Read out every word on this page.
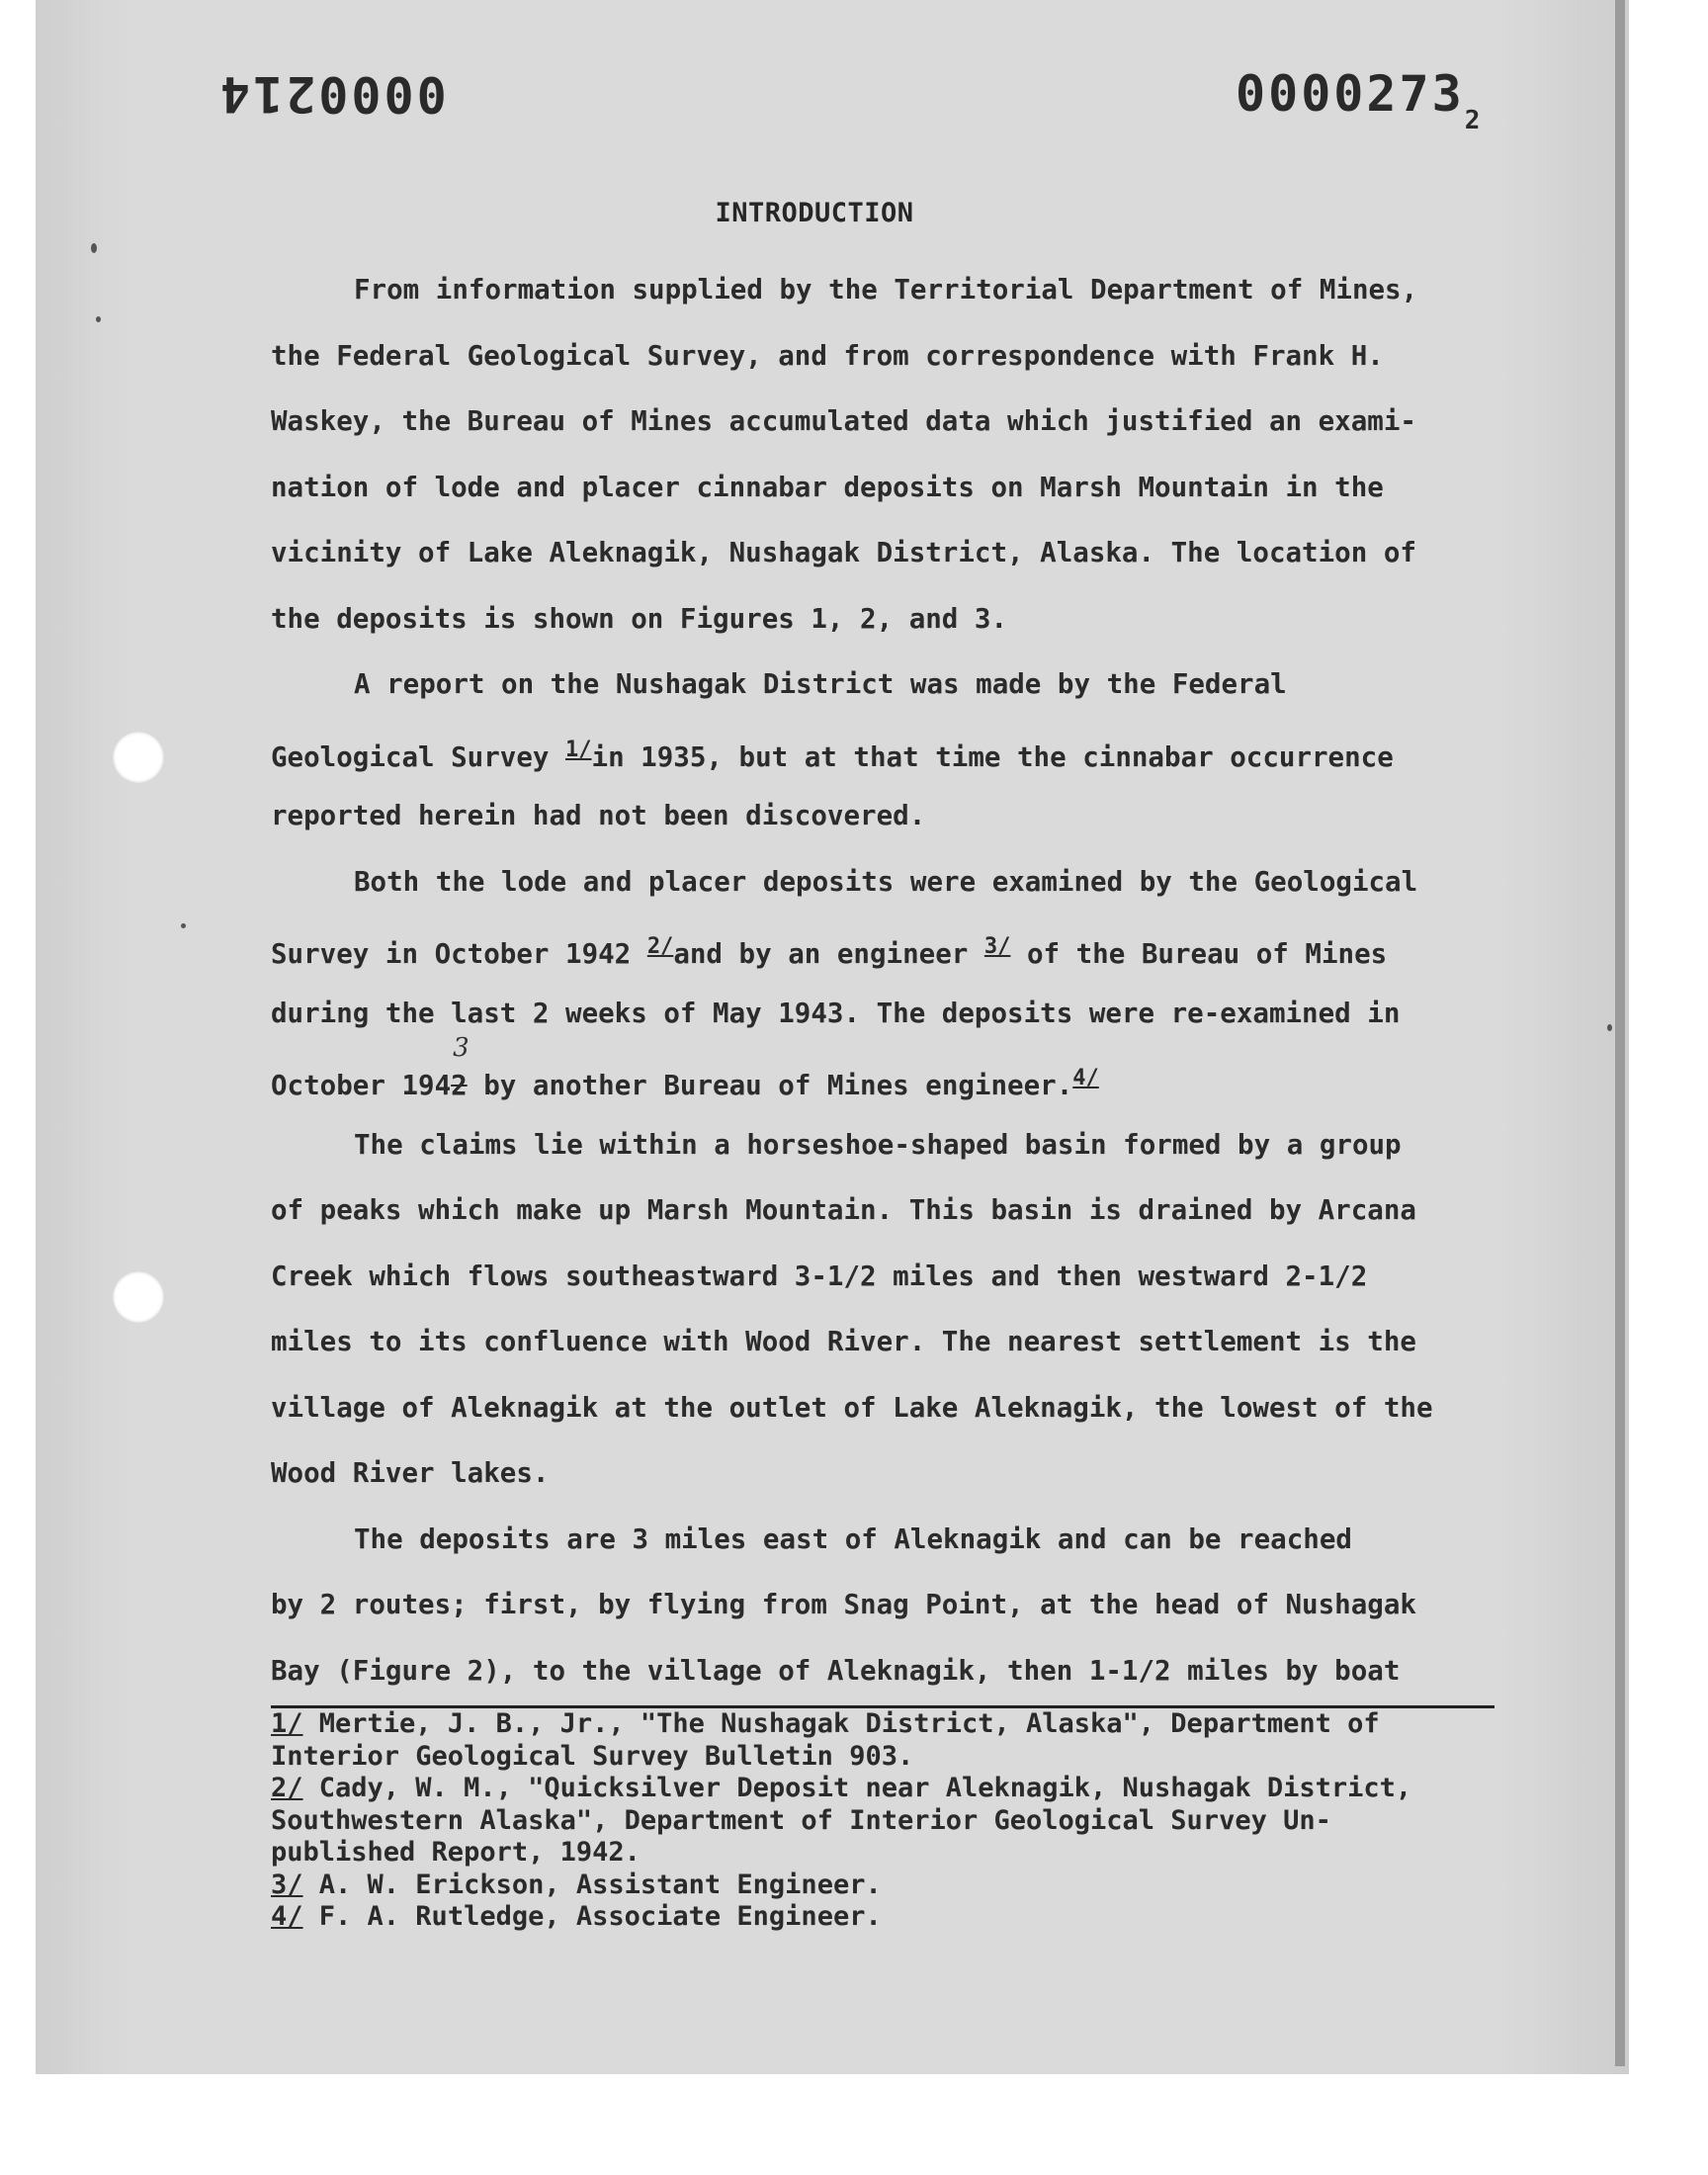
0000214	$0000273_2$
INTRODUCTION
From information supplied by the Territorial Department of Mines,
the Federal Geological Survey, and from correspondence with Frank H.
Waskey, the Bureau of Mines accumulated data which justified an exami-
nation of lode and placer cinnabar deposits on Marsh Mountain in the
vicinity of Lake Aleknagik, Nushagak District, Alaska. The location of
the deposits is shown on Figures 1, 2, and 3.
A report on the Nushagak District was made by the Federal
Geological Survey $^{1/}$in 1935, but at that time the cinnabar occurrence
reported herein had not been discovered.
Both the lode and placer deposits were examined by the Geological
Survey in October 1942 $^{2/}$and by an engineer $^{3/}$ of the Bureau of Mines
during the last 2 weeks of May 1943. The deposits were re-examined in
October 1942
3
by another Bureau of Mines engineer.$^{4/}$
The claims lie within a horseshoe-shaped basin formed by a group
of peaks which make up Marsh Mountain. This basin is drained by Arcana
Creek which flows southeastward 3-1/2 miles and then westward 2-1/2
miles to its confluence with Wood River. The nearest settlement is the
village of Aleknagik at the outlet of Lake Aleknagik, the lowest of the
Wood River lakes.
The deposits are 3 miles east of Aleknagik and can be reached
by 2 routes; first, by flying from Snag Point, at the head of Nushagak
Bay (Figure 2), to the village of Aleknagik, then 1-1/2 miles by boat
1/ Mertie, J. B., Jr., "The Nushagak District, Alaska", Department of
Interior Geological Survey Bulletin 903.
2/ Cady, W. M., "Quicksilver Deposit near Aleknagik, Nushagak District,
Southwestern Alaska", Department of Interior Geological Survey Un-
published Report, 1942.
3/ A. W. Erickson, Assistant Engineer.
4/ F. A. Rutledge, Associate Engineer.
